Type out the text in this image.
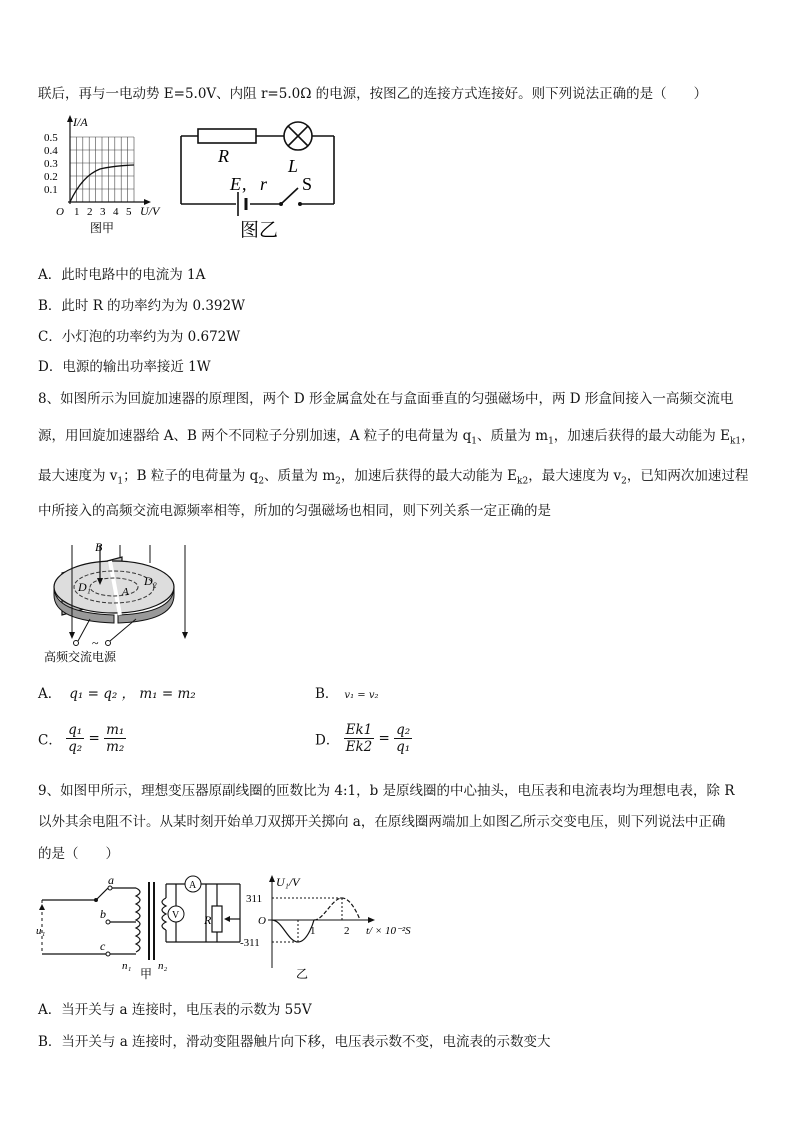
联后，再与一电动势 E=5.0V、内阻 r=5.0Ω 的电源，按图乙的连接方式连接好。则下列说法正确的是（　　）
I/A
0.5
0.4
0.3
0.2
0.1
O 1 2 3 4 5 U/V
图甲
R	L
E , r S
图乙
A．此时电路中的电流为 1A
B．此时 R 的功率约为为 0.392W
C．小灯泡的功率约为为 0.672W
D．电源的输出功率接近 1W
8、如图所示为回旋加速器的原理图，两个 D 形金属盒处在与盒面垂直的匀强磁场中，两 D 形盒间接入一高频交流电
源，用回旋加速器给 A、B 两个不同粒子分别加速，A 粒子的电荷量为 $q_1$、质量为 $m_1$，加速后获得的最大动能为 $E_{k1}$，
最大速度为 $v_1$；B 粒子的电荷量为 $q_2$、质量为 $m_2$，加速后获得的最大动能为 $E_{k2}$，最大速度为 $v_2$，已知两次加速过程
中所接入的高频交流电源频率相等，所加的匀强磁场也相同，则下列关系一定正确的是
~
B
D₁	D₂
A
高频交流电源
A． q₁ = q₂ ， m₁ = m₂	B． v₁ = v₂
C． $\frac{\text{q₁}}{\text{q₂}} = \frac{\text{m₁}}{\text{m₂}}$	D． $\frac{Ek1}{Ek2} = \frac{\text{q₂}}{\text{q₁}}$
9、如图甲所示，理想变压器原副线圈的匝数比为 4:1，b 是原线圈的中心抽头，电压表和电流表均为理想电表，除 R
以外其余电阻不计。从某时刻开始单刀双掷开关掷向 a，在原线圈两端加上如图乙所示交变电压，则下列说法中正确
的是（　　）
A
V R
a
b
c
u₁
n₁ n₂
甲
U₁/V
311
O
-311
1	2 t/ × 10⁻²S
乙
A．当开关与 a 连接时，电压表的示数为 55V
B．当开关与 a 连接时，滑动变阻器触片向下移，电压表示数不变，电流表的示数变大
